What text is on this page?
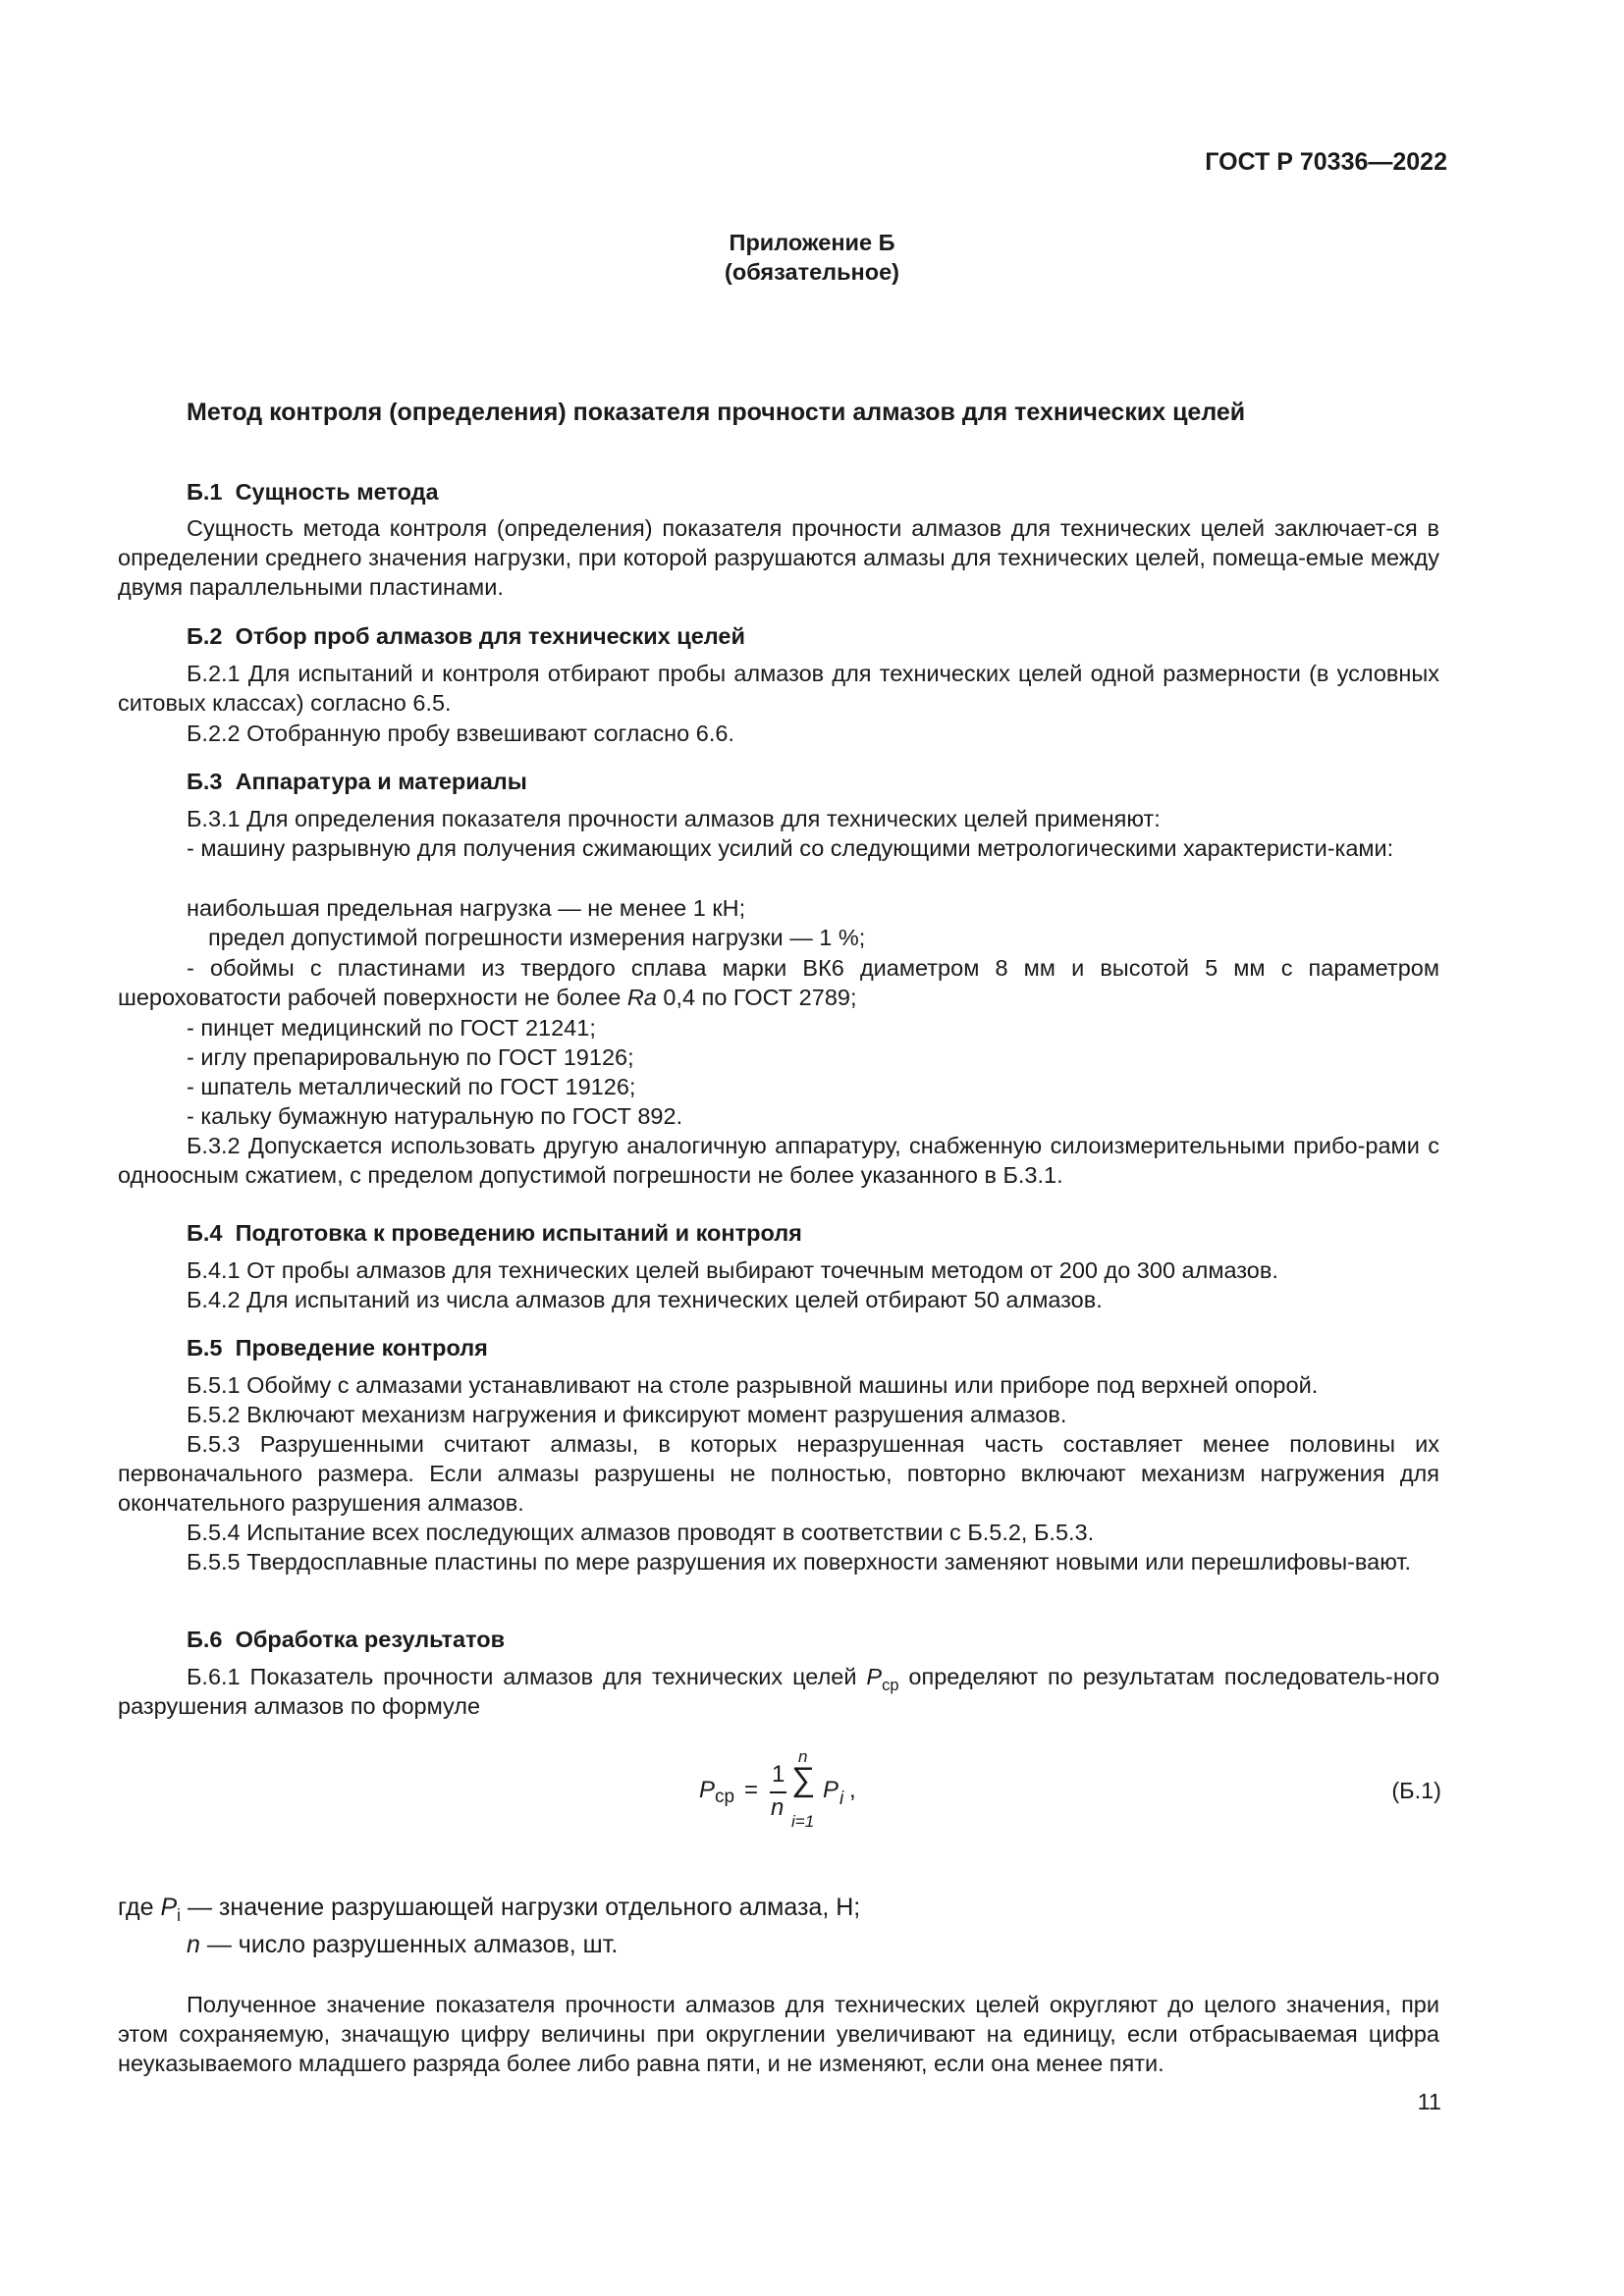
ГОСТ Р 70336—2022
Приложение Б
(обязательное)
Метод контроля (определения) показателя прочности алмазов для технических целей
Б.1 Сущность метода

Сущность метода контроля (определения) показателя прочности алмазов для технических целей заключает-ся в определении среднего значения нагрузки, при которой разрушаются алмазы для технических целей, помеща-емые между двумя параллельными пластинами.

Б.2 Отбор проб алмазов для технических целей

Б.2.1 Для испытаний и контроля отбирают пробы алмазов для технических целей одной размерности (в условных ситовых классах) согласно 6.5.

Б.2.2 Отобранную пробу взвешивают согласно 6.6.

Б.3 Аппаратура и материалы

Б.3.1 Для определения показателя прочности алмазов для технических целей применяют:

- машину разрывную для получения сжимающих усилий со следующими метрологическими характеристи-ками:

наибольшая предельная нагрузка — не менее 1 кН;
предел допустимой погрешности измерения нагрузки — 1 %;

- обоймы с пластинами из твердого сплава марки ВК6 диаметром 8 мм и высотой 5 мм с параметром шероховатости рабочей поверхности не более Ra 0,4 по ГОСТ 2789;

- пинцет медицинский по ГОСТ 21241;
- иглу препарировальную по ГОСТ 19126;
- шпатель металлический по ГОСТ 19126;
- кальку бумажную натуральную по ГОСТ 892.

Б.3.2 Допускается использовать другую аналогичную аппаратуру, снабженную силоизмерительными прибо-рами с одноосным сжатием, с пределом допустимой погрешности не более указанного в Б.3.1.

Б.4 Подготовка к проведению испытаний и контроля

Б.4.1 От пробы алмазов для технических целей выбирают точечным методом от 200 до 300 алмазов.

Б.4.2 Для испытаний из числа алмазов для технических целей отбирают 50 алмазов.

Б.5 Проведение контроля

Б.5.1 Обойму с алмазами устанавливают на столе разрывной машины или приборе под верхней опорой.

Б.5.2 Включают механизм нагружения и фиксируют момент разрушения алмазов.

Б.5.3 Разрушенными считают алмазы, в которых неразрушенная часть составляет менее половины их первоначального размера. Если алмазы разрушены не полностью, повторно включают механизм нагружения для окончательного разрушения алмазов.

Б.5.4 Испытание всех последующих алмазов проводят в соответствии с Б.5.2, Б.5.3.

Б.5.5 Твердосплавные пластины по мере разрушения их поверхности заменяют новыми или перешлифовы-вают.

Б.6 Обработка результатов

Б.6.1 Показатель прочности алмазов для технических целей $P_{ср}$ определяют по результатам последователь-ного разрушения алмазов по формуле

P ср =
1
n
n
∑
i=1
P i ,	(Б.1)
где $P_i$ — значение разрушающей нагрузки отдельного алмаза, Н;
n — число разрушенных алмазов, шт.

Полученное значение показателя прочности алмазов для технических целей округляют до целого значения, при этом сохраняемую, значащую цифру величины при округлении увеличивают на единицу, если отбрасываемая цифра неуказываемого младшего разряда более либо равна пяти, и не изменяют, если она менее пяти.

11
